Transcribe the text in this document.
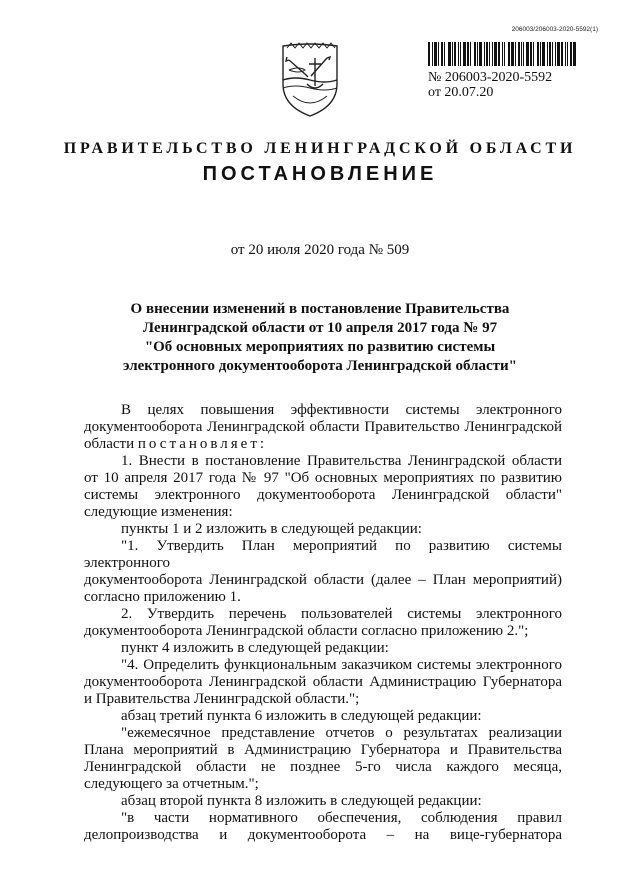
206003/206003-2020-5592(1)
№ 206003-2020-5592
от 20.07.20
ПРАВИТЕЛЬСТВО ЛЕНИНГРАДСКОЙ ОБЛАСТИ
ПОСТАНОВЛЕНИЕ
от 20 июля 2020 года № 509
О внесении изменений в постановление Правительства
Ленинградской области от 10 апреля 2017 года № 97
"Об основных мероприятиях по развитию системы
электронного документооборота Ленинградской области"
В целях повышения эффективности системы электронного
документооборота Ленинградской области Правительство Ленинградской
области постановляет:
1. Внести в постановление Правительства Ленинградской области
от 10 апреля 2017 года № 97 "Об основных мероприятиях по развитию
системы электронного документооборота Ленинградской области"
следующие изменения:
пункты 1 и 2 изложить в следующей редакции:
"1. Утвердить План мероприятий по развитию системы электронного
документооборота Ленинградской области (далее – План мероприятий)
согласно приложению 1.
2. Утвердить перечень пользователей системы электронного
документооборота Ленинградской области согласно приложению 2.";
пункт 4 изложить в следующей редакции:
"4. Определить функциональным заказчиком системы электронного
документооборота Ленинградской области Администрацию Губернатора
и Правительства Ленинградской области.";
абзац третий пункта 6 изложить в следующей редакции:
"ежемесячное представление отчетов о результатах реализации
Плана мероприятий в Администрацию Губернатора и Правительства
Ленинградской области не позднее 5-го числа каждого месяца,
следующего за отчетным.";
абзац второй пункта 8 изложить в следующей редакции:
"в части нормативного обеспечения, соблюдения правил
делопроизводства и документооборота – на вице-губернатора
